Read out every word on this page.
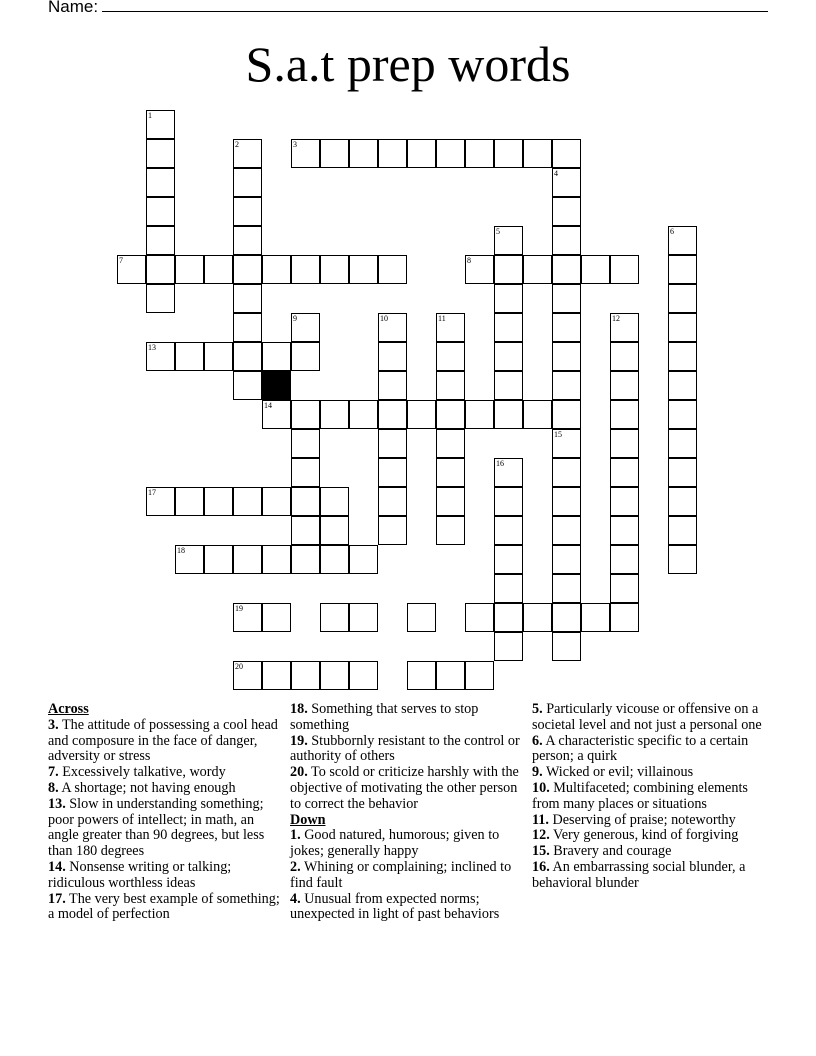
Name:
S.a.t prep words
1
2	3
4
5	6
7	8
9	10	11	12
13
14
15
16
17
18
19
20
Across
3. The attitude of possessing a cool head and composure in the face of danger, adversity or stress
7. Excessively talkative, wordy
8. A shortage; not having enough
13. Slow in understanding something; poor powers of intellect; in math, an angle greater than 90 degrees, but less than 180 degrees
14. Nonsense writing or talking; ridiculous worthless ideas
17. The very best example of something; a model of perfection
18. Something that serves to stop something
19. Stubbornly resistant to the control or authority of others
20. To scold or criticize harshly with the objective of motivating the other person to correct the behavior
Down
1. Good natured, humorous; given to jokes; generally happy
2. Whining or complaining; inclined to find fault
4. Unusual from expected norms; unexpected in light of past behaviors
5. Particularly vicouse or offensive on a societal level and not just a personal one
6. A characteristic specific to a certain person; a quirk
9. Wicked or evil; villainous
10. Multifaceted; combining elements from many places or situations
11. Deserving of praise; noteworthy
12. Very generous, kind of forgiving
15. Bravery and courage
16. An embarrassing social blunder, a behavioral blunder
